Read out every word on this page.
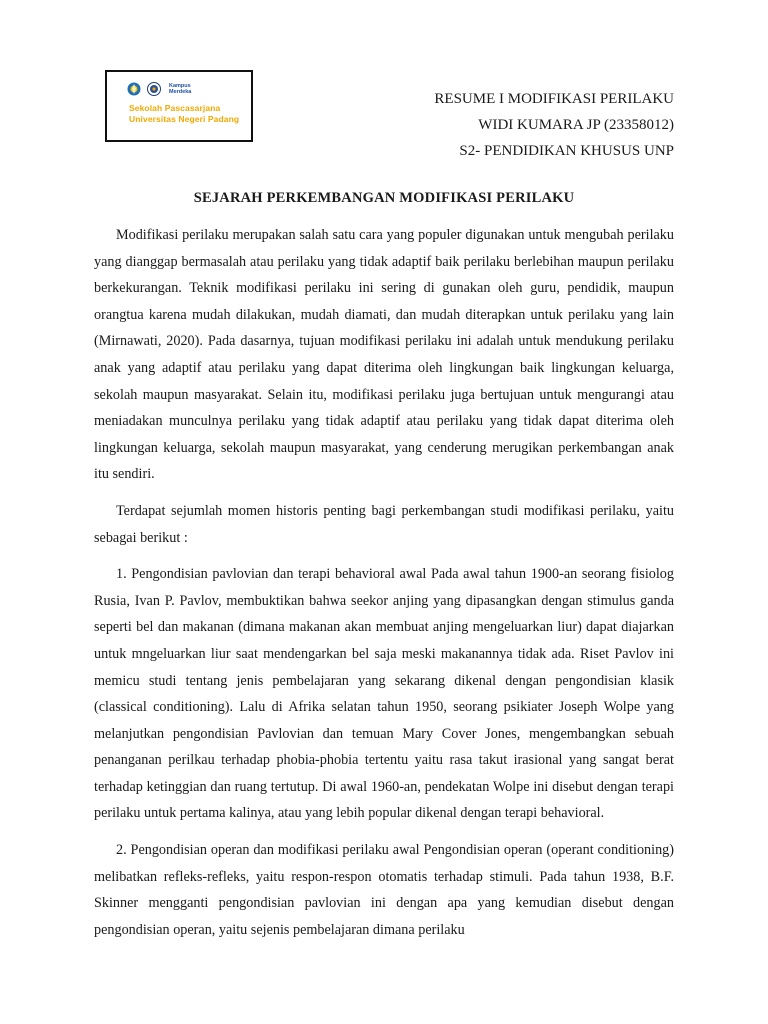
Kampus Merdeka
Sekolah Pascasarjana
Universitas Negeri Padang
RESUME I MODIFIKASI PERILAKU
WIDI KUMARA JP (23358012)
S2- PENDIDIKAN KHUSUS UNP
SEJARAH PERKEMBANGAN MODIFIKASI PERILAKU

Modifikasi perilaku merupakan salah satu cara yang populer digunakan untuk mengubah perilaku yang dianggap bermasalah atau perilaku yang tidak adaptif baik perilaku berlebihan maupun perilaku berkekurangan. Teknik modifikasi perilaku ini sering di gunakan oleh guru, pendidik, maupun orangtua karena mudah dilakukan, mudah diamati, dan mudah diterapkan untuk perilaku yang lain (Mirnawati, 2020). Pada dasarnya, tujuan modifikasi perilaku ini adalah untuk mendukung perilaku anak yang adaptif atau perilaku yang dapat diterima oleh lingkungan baik lingkungan keluarga, sekolah maupun masyarakat. Selain itu, modifikasi perilaku juga bertujuan untuk mengurangi atau meniadakan munculnya perilaku yang tidak adaptif atau perilaku yang tidak dapat diterima oleh lingkungan keluarga, sekolah maupun masyarakat, yang cenderung merugikan perkembangan anak itu sendiri.

Terdapat sejumlah momen historis penting bagi perkembangan studi modifikasi perilaku, yaitu sebagai berikut :

1. Pengondisian pavlovian dan terapi behavioral awal Pada awal tahun 1900-an seorang fisiolog Rusia, Ivan P. Pavlov, membuktikan bahwa seekor anjing yang dipasangkan dengan stimulus ganda seperti bel dan makanan (dimana makanan akan membuat anjing mengeluarkan liur) dapat diajarkan untuk mngeluarkan liur saat mendengarkan bel saja meski makanannya tidak ada. Riset Pavlov ini memicu studi tentang jenis pembelajaran yang sekarang dikenal dengan pengondisian klasik (classical conditioning). Lalu di Afrika selatan tahun 1950, seorang psikiater Joseph Wolpe yang melanjutkan pengondisian Pavlovian dan temuan Mary Cover Jones, mengembangkan sebuah penanganan perilkau terhadap phobia-phobia tertentu yaitu rasa takut irasional yang sangat berat terhadap ketinggian dan ruang tertutup. Di awal 1960-an, pendekatan Wolpe ini disebut dengan terapi perilaku untuk pertama kalinya, atau yang lebih popular dikenal dengan terapi behavioral.

2. Pengondisian operan dan modifikasi perilaku awal Pengondisian operan (operant conditioning) melibatkan refleks-refleks, yaitu respon-respon otomatis terhadap stimuli. Pada tahun 1938, B.F. Skinner mengganti pengondisian pavlovian ini dengan apa yang kemudian disebut dengan pengondisian operan, yaitu sejenis pembelajaran dimana perilaku
